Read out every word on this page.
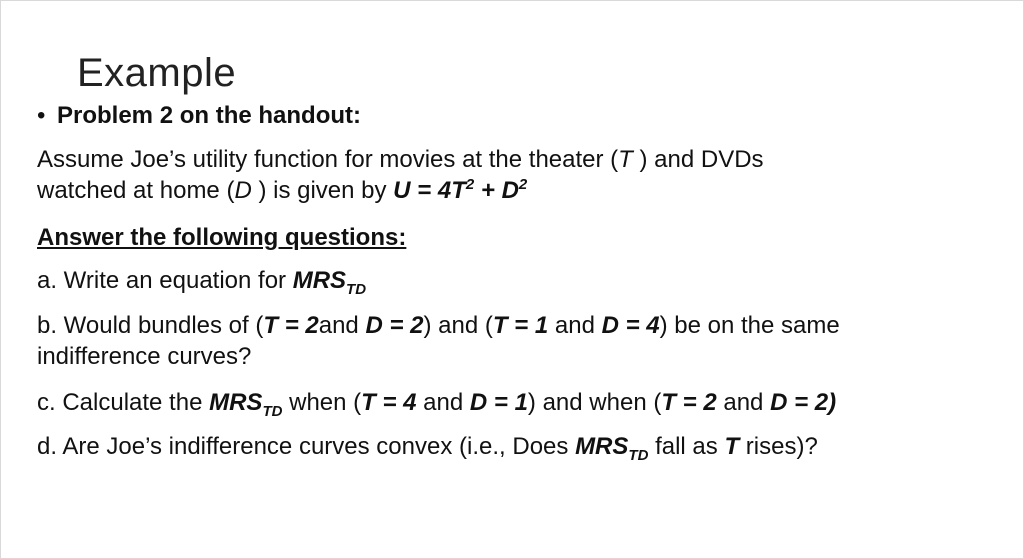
Example
• Problem 2 on the handout:
Assume Joe’s utility function for movies at the theater (T ) and DVDs
watched at home (D ) is given by $U = 4T^2 + D^2$
Answer the following questions:
a. Write an equation for $MRS_{TD}$
b. Would bundles of (T = 2and D = 2) and (T = 1 and D = 4) be on the same
indifference curves?
c. Calculate the $MRS_{TD}$ when (T = 4 and D = 1) and when (T = 2 and D = 2)
d. Are Joe’s indifference curves convex (i.e., Does $MRS_{TD}$ fall as T rises)?
